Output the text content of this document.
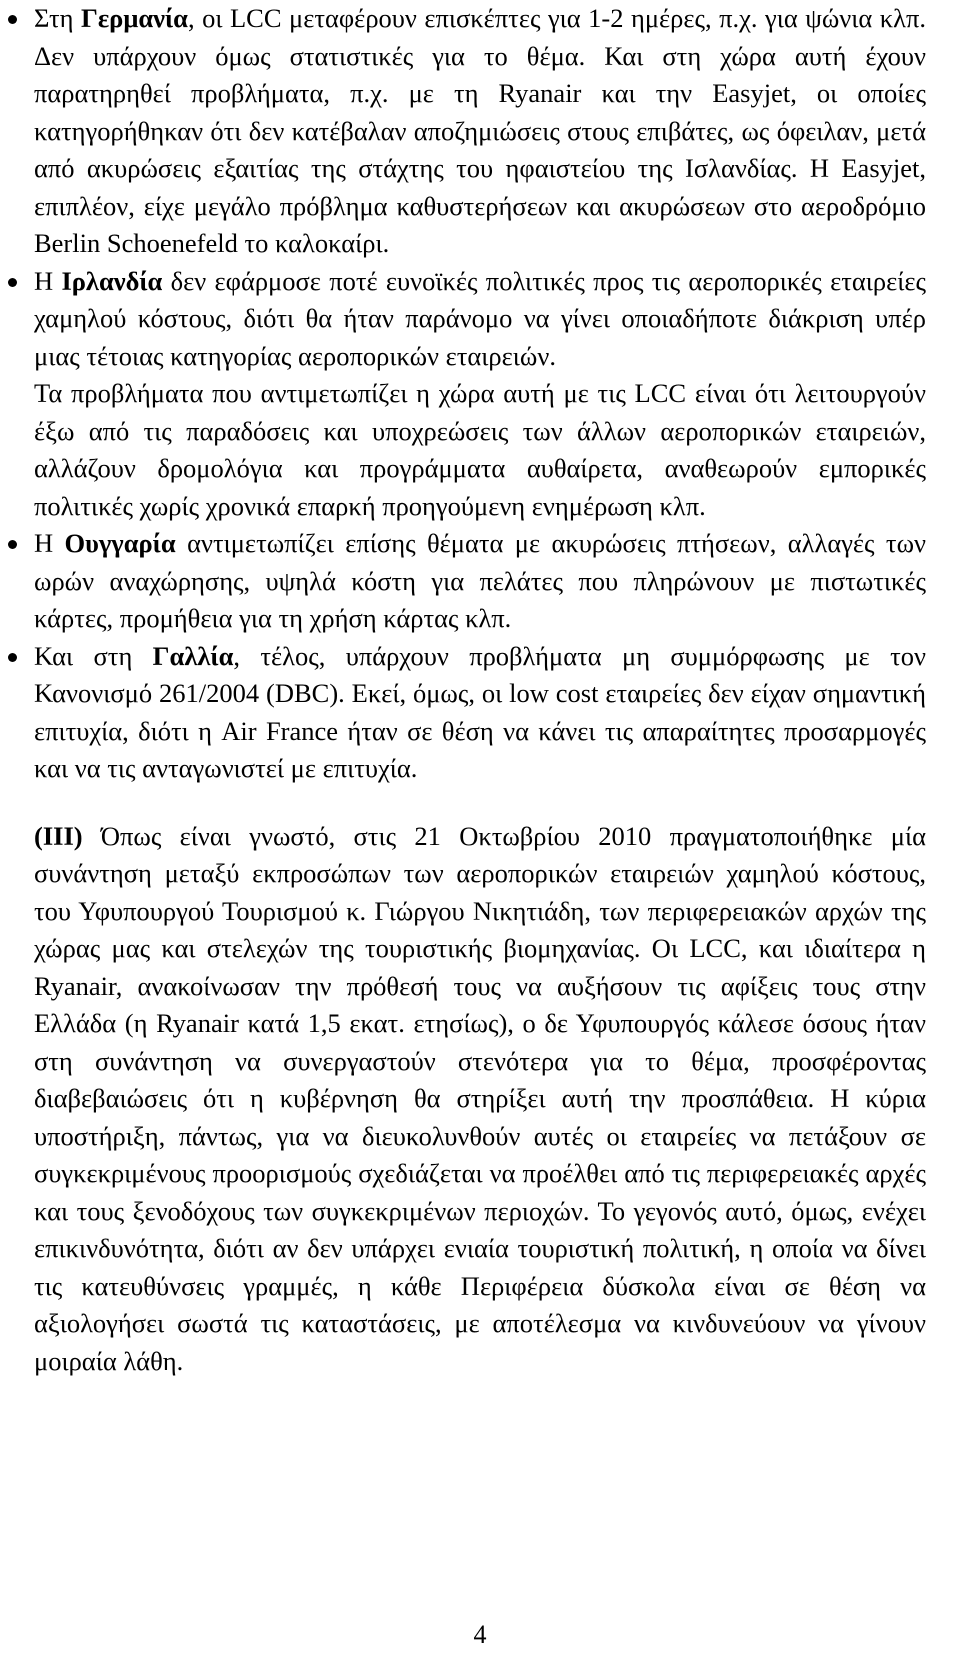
Στη Γερμανία, οι LCC μεταφέρουν επισκέπτες για 1-2 ημέρες, π.χ. για ψώνια κλπ. Δεν υπάρχουν όμως στατιστικές για το θέμα. Και στη χώρα αυτή έχουν παρατηρηθεί προβλήματα, π.χ. με τη Ryanair και την Easyjet, οι οποίες κατηγορήθηκαν ότι δεν κατέβαλαν αποζημιώσεις στους επιβάτες, ως όφειλαν, μετά από ακυρώσεις εξαιτίας της στάχτης του ηφαιστείου της Ισλανδίας. Η Easyjet, επιπλέον, είχε μεγάλο πρόβλημα καθυστερήσεων και ακυρώσεων στο αεροδρόμιο Berlin Schoenefeld το καλοκαίρι.

Η Ιρλανδία δεν εφάρμοσε ποτέ ευνοϊκές πολιτικές προς τις αεροπορικές εταιρείες χαμηλού κόστους, διότι θα ήταν παράνομο να γίνει οποιαδήποτε διάκριση υπέρ μιας τέτοιας κατηγορίας αεροπορικών εταιρειών.

Τα προβλήματα που αντιμετωπίζει η χώρα αυτή με τις LCC είναι ότι λειτουργούν έξω από τις παραδόσεις και υποχρεώσεις των άλλων αεροπορικών εταιρειών, αλλάζουν δρομολόγια και προγράμματα αυθαίρετα, αναθεωρούν εμπορικές πολιτικές χωρίς χρονικά επαρκή προηγούμενη ενημέρωση κλπ.

Η Ουγγαρία αντιμετωπίζει επίσης θέματα με ακυρώσεις πτήσεων, αλλαγές των ωρών αναχώρησης, υψηλά κόστη για πελάτες που πληρώνουν με πιστωτικές κάρτες, προμήθεια για τη χρήση κάρτας κλπ.

Και στη Γαλλία, τέλος, υπάρχουν προβλήματα μη συμμόρφωσης με τον Κανονισμό 261/2004 (DBC). Εκεί, όμως, οι low cost εταιρείες δεν είχαν σημαντική επιτυχία, διότι η Air France ήταν σε θέση να κάνει τις απαραίτητες προσαρμογές και να τις ανταγωνιστεί με επιτυχία.

(ΙΙΙ) Όπως είναι γνωστό, στις 21 Οκτωβρίου 2010 πραγματοποιήθηκε μία συνάντηση μεταξύ εκπροσώπων των αεροπορικών εταιρειών χαμηλού κόστους, του Υφυπουργού Τουρισμού κ. Γιώργου Νικητιάδη, των περιφερειακών αρχών της χώρας μας και στελεχών της τουριστικής βιομηχανίας. Οι LCC, και ιδιαίτερα η Ryanair, ανακοίνωσαν την πρόθεσή τους να αυξήσουν τις αφίξεις τους στην Ελλάδα (η Ryanair κατά 1,5 εκατ. ετησίως), ο δε Υφυπουργός κάλεσε όσους ήταν στη συνάντηση να συνεργαστούν στενότερα για το θέμα, προσφέροντας διαβεβαιώσεις ότι η κυβέρνηση θα στηρίξει αυτή την προσπάθεια. Η κύρια υποστήριξη, πάντως, για να διευκολυνθούν αυτές οι εταιρείες να πετάξουν σε συγκεκριμένους προορισμούς σχεδιάζεται να προέλθει από τις περιφερειακές αρχές και τους ξενοδόχους των συγκεκριμένων περιοχών. Το γεγονός αυτό, όμως, ενέχει επικινδυνότητα, διότι αν δεν υπάρχει ενιαία τουριστική πολιτική, η οποία να δίνει τις κατευθύνσεις γραμμές, η κάθε Περιφέρεια δύσκολα είναι σε θέση να αξιολογήσει σωστά τις καταστάσεις, με αποτέλεσμα να κινδυνεύουν να γίνουν μοιραία λάθη.

4
